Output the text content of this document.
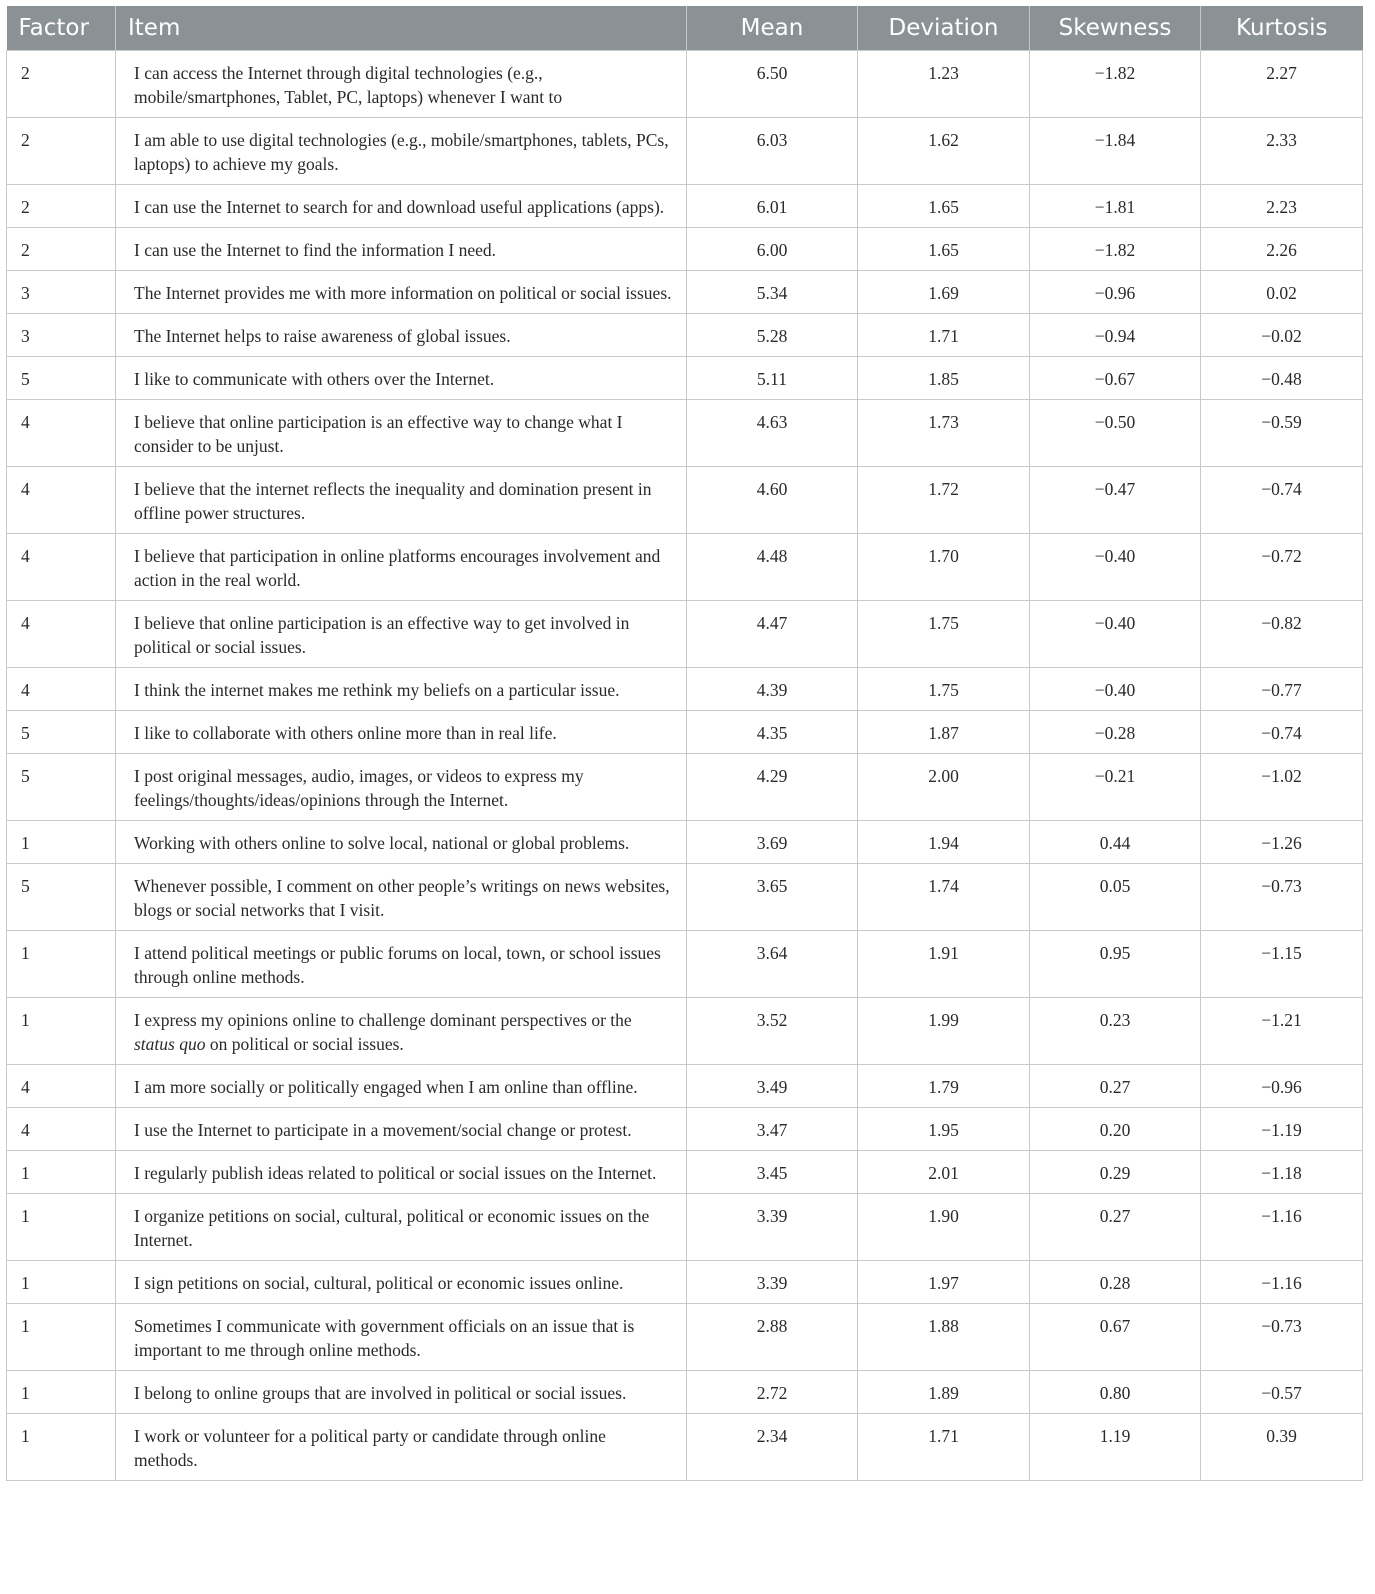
Factor	Item	Mean	Deviation	Skewness	Kurtosis
2	I can access the Internet through digital technologies (e.g., mobile/smartphones, Tablet, PC, laptops) whenever I want to	6.50	1.23	−1.82	2.27
2	I am able to use digital technologies (e.g., mobile/smartphones, tablets, PCs, laptops) to achieve my goals.	6.03	1.62	−1.84	2.33
2	I can use the Internet to search for and download useful applications (apps).	6.01	1.65	−1.81	2.23
2	I can use the Internet to find the information I need.	6.00	1.65	−1.82	2.26
3	The Internet provides me with more information on political or social issues.	5.34	1.69	−0.96	0.02
3	The Internet helps to raise awareness of global issues.	5.28	1.71	−0.94	−0.02
5	I like to communicate with others over the Internet.	5.11	1.85	−0.67	−0.48
4	I believe that online participation is an effective way to change what I consider to be unjust.	4.63	1.73	−0.50	−0.59
4	I believe that the internet reflects the inequality and domination present in offline power structures.	4.60	1.72	−0.47	−0.74
4	I believe that participation in online platforms encourages involvement and action in the real world.	4.48	1.70	−0.40	−0.72
4	I believe that online participation is an effective way to get involved in political or social issues.	4.47	1.75	−0.40	−0.82
4	I think the internet makes me rethink my beliefs on a particular issue.	4.39	1.75	−0.40	−0.77
5	I like to collaborate with others online more than in real life.	4.35	1.87	−0.28	−0.74
5	I post original messages, audio, images, or videos to express my feelings/thoughts/ideas/opinions through the Internet.	4.29	2.00	−0.21	−1.02
1	Working with others online to solve local, national or global problems.	3.69	1.94	0.44	−1.26
5	Whenever possible, I comment on other people’s writings on news websites, blogs or social networks that I visit.	3.65	1.74	0.05	−0.73
1	I attend political meetings or public forums on local, town, or school issues through online methods.	3.64	1.91	0.95	−1.15
1	I express my opinions online to challenge dominant perspectives or the status quo on political or social issues.	3.52	1.99	0.23	−1.21
4	I am more socially or politically engaged when I am online than offline.	3.49	1.79	0.27	−0.96
4	I use the Internet to participate in a movement/social change or protest.	3.47	1.95	0.20	−1.19
1	I regularly publish ideas related to political or social issues on the Internet.	3.45	2.01	0.29	−1.18
1	I organize petitions on social, cultural, political or economic issues on the Internet.	3.39	1.90	0.27	−1.16
1	I sign petitions on social, cultural, political or economic issues online.	3.39	1.97	0.28	−1.16
1	Sometimes I communicate with government officials on an issue that is important to me through online methods.	2.88	1.88	0.67	−0.73
1	I belong to online groups that are involved in political or social issues.	2.72	1.89	0.80	−0.57
1	I work or volunteer for a political party or candidate through online methods.	2.34	1.71	1.19	0.39
